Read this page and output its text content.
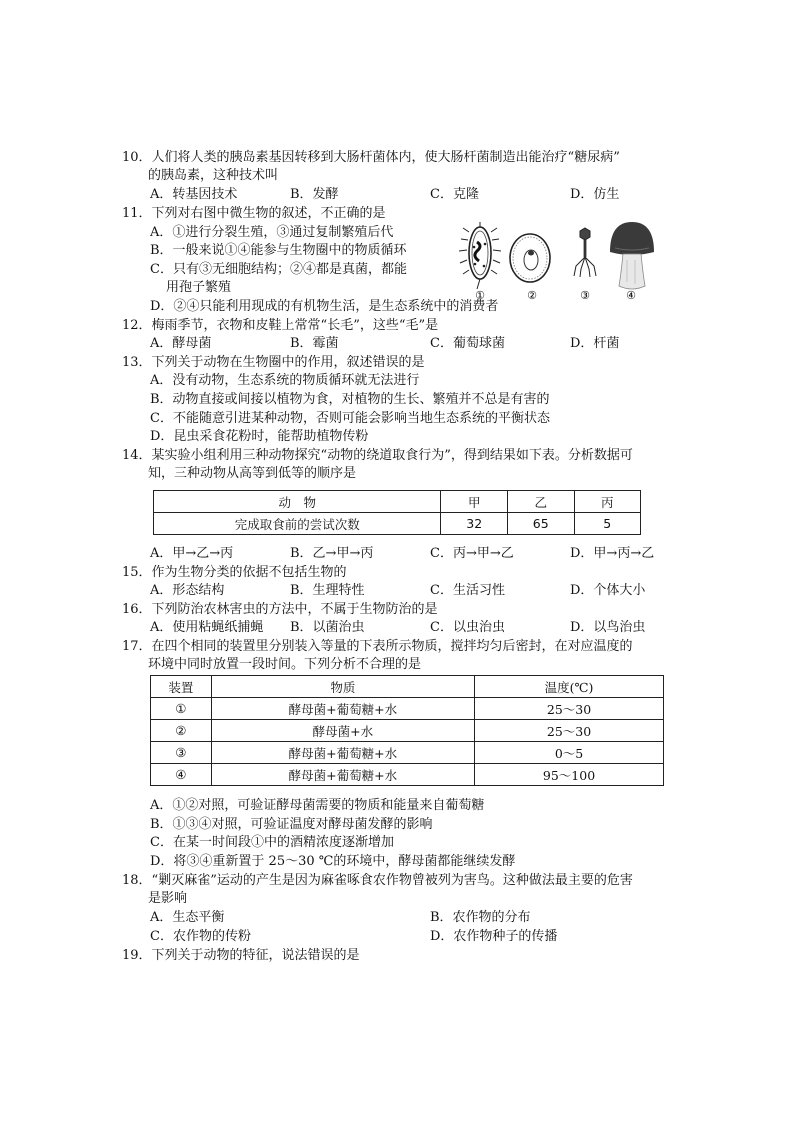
10．人们将人类的胰岛素基因转移到大肠杆菌体内，使大肠杆菌制造出能治疗“糖尿病”
的胰岛素，这种技术叫
A．转基因技术	B．发酵	C．克隆	D．仿生
11．下列对右图中微生物的叙述，不正确的是
A．①进行分裂生殖，③通过复制繁殖后代
B．一般来说①④能参与生物圈中的物质循环
C．只有③无细胞结构；②④都是真菌，都能
用孢子繁殖
D．②④只能利用现成的有机物生活，是生态系统中的消费者
①	②	③	④
12．梅雨季节，衣物和皮鞋上常常“长毛”，这些“毛”是
A．酵母菌	B．霉菌	C．葡萄球菌	D．杆菌
13．下列关于动物在生物圈中的作用，叙述错误的是
A．没有动物，生态系统的物质循环就无法进行
B．动物直接或间接以植物为食，对植物的生长、繁殖并不总是有害的
C．不能随意引进某种动物，否则可能会影响当地生态系统的平衡状态
D．昆虫采食花粉时，能帮助植物传粉
14．某实验小组利用三种动物探究“动物的绕道取食行为”，得到结果如下表。分析数据可
知，三种动物从高等到低等的顺序是
动　物	甲	乙	丙
完成取食前的尝试次数	32	65	5
A．甲→乙→丙	B．乙→甲→丙	C．丙→甲→乙	D．甲→丙→乙
15．作为生物分类的依据不包括生物的
A．形态结构	B．生理特性	C．生活习性	D．个体大小
16．下列防治农林害虫的方法中，不属于生物防治的是
A．使用粘蝇纸捕蝇 B．以菌治虫	C．以虫治虫	D．以鸟治虫
17．在四个相同的装置里分别装入等量的下表所示物质，搅拌均匀后密封，在对应温度的
环境中同时放置一段时间。下列分析不合理的是
装置	物质	温度(℃)
①	酵母菌+葡萄糖+水	25～30
②	酵母菌+水	25～30
③	酵母菌+葡萄糖+水	0～5
④	酵母菌+葡萄糖+水	95～100
A．①②对照，可验证酵母菌需要的物质和能量来自葡萄糖
B．①③④对照，可验证温度对酵母菌发酵的影响
C．在某一时间段①中的酒精浓度逐渐增加
D．将③④重新置于 25～30 ℃的环境中，酵母菌都能继续发酵
18．“剿灭麻雀”运动的产生是因为麻雀啄食农作物曾被列为害鸟。这种做法最主要的危害
是影响
A．生态平衡	B．农作物的分布
C．农作物的传粉	D．农作物种子的传播
19．下列关于动物的特征，说法错误的是
